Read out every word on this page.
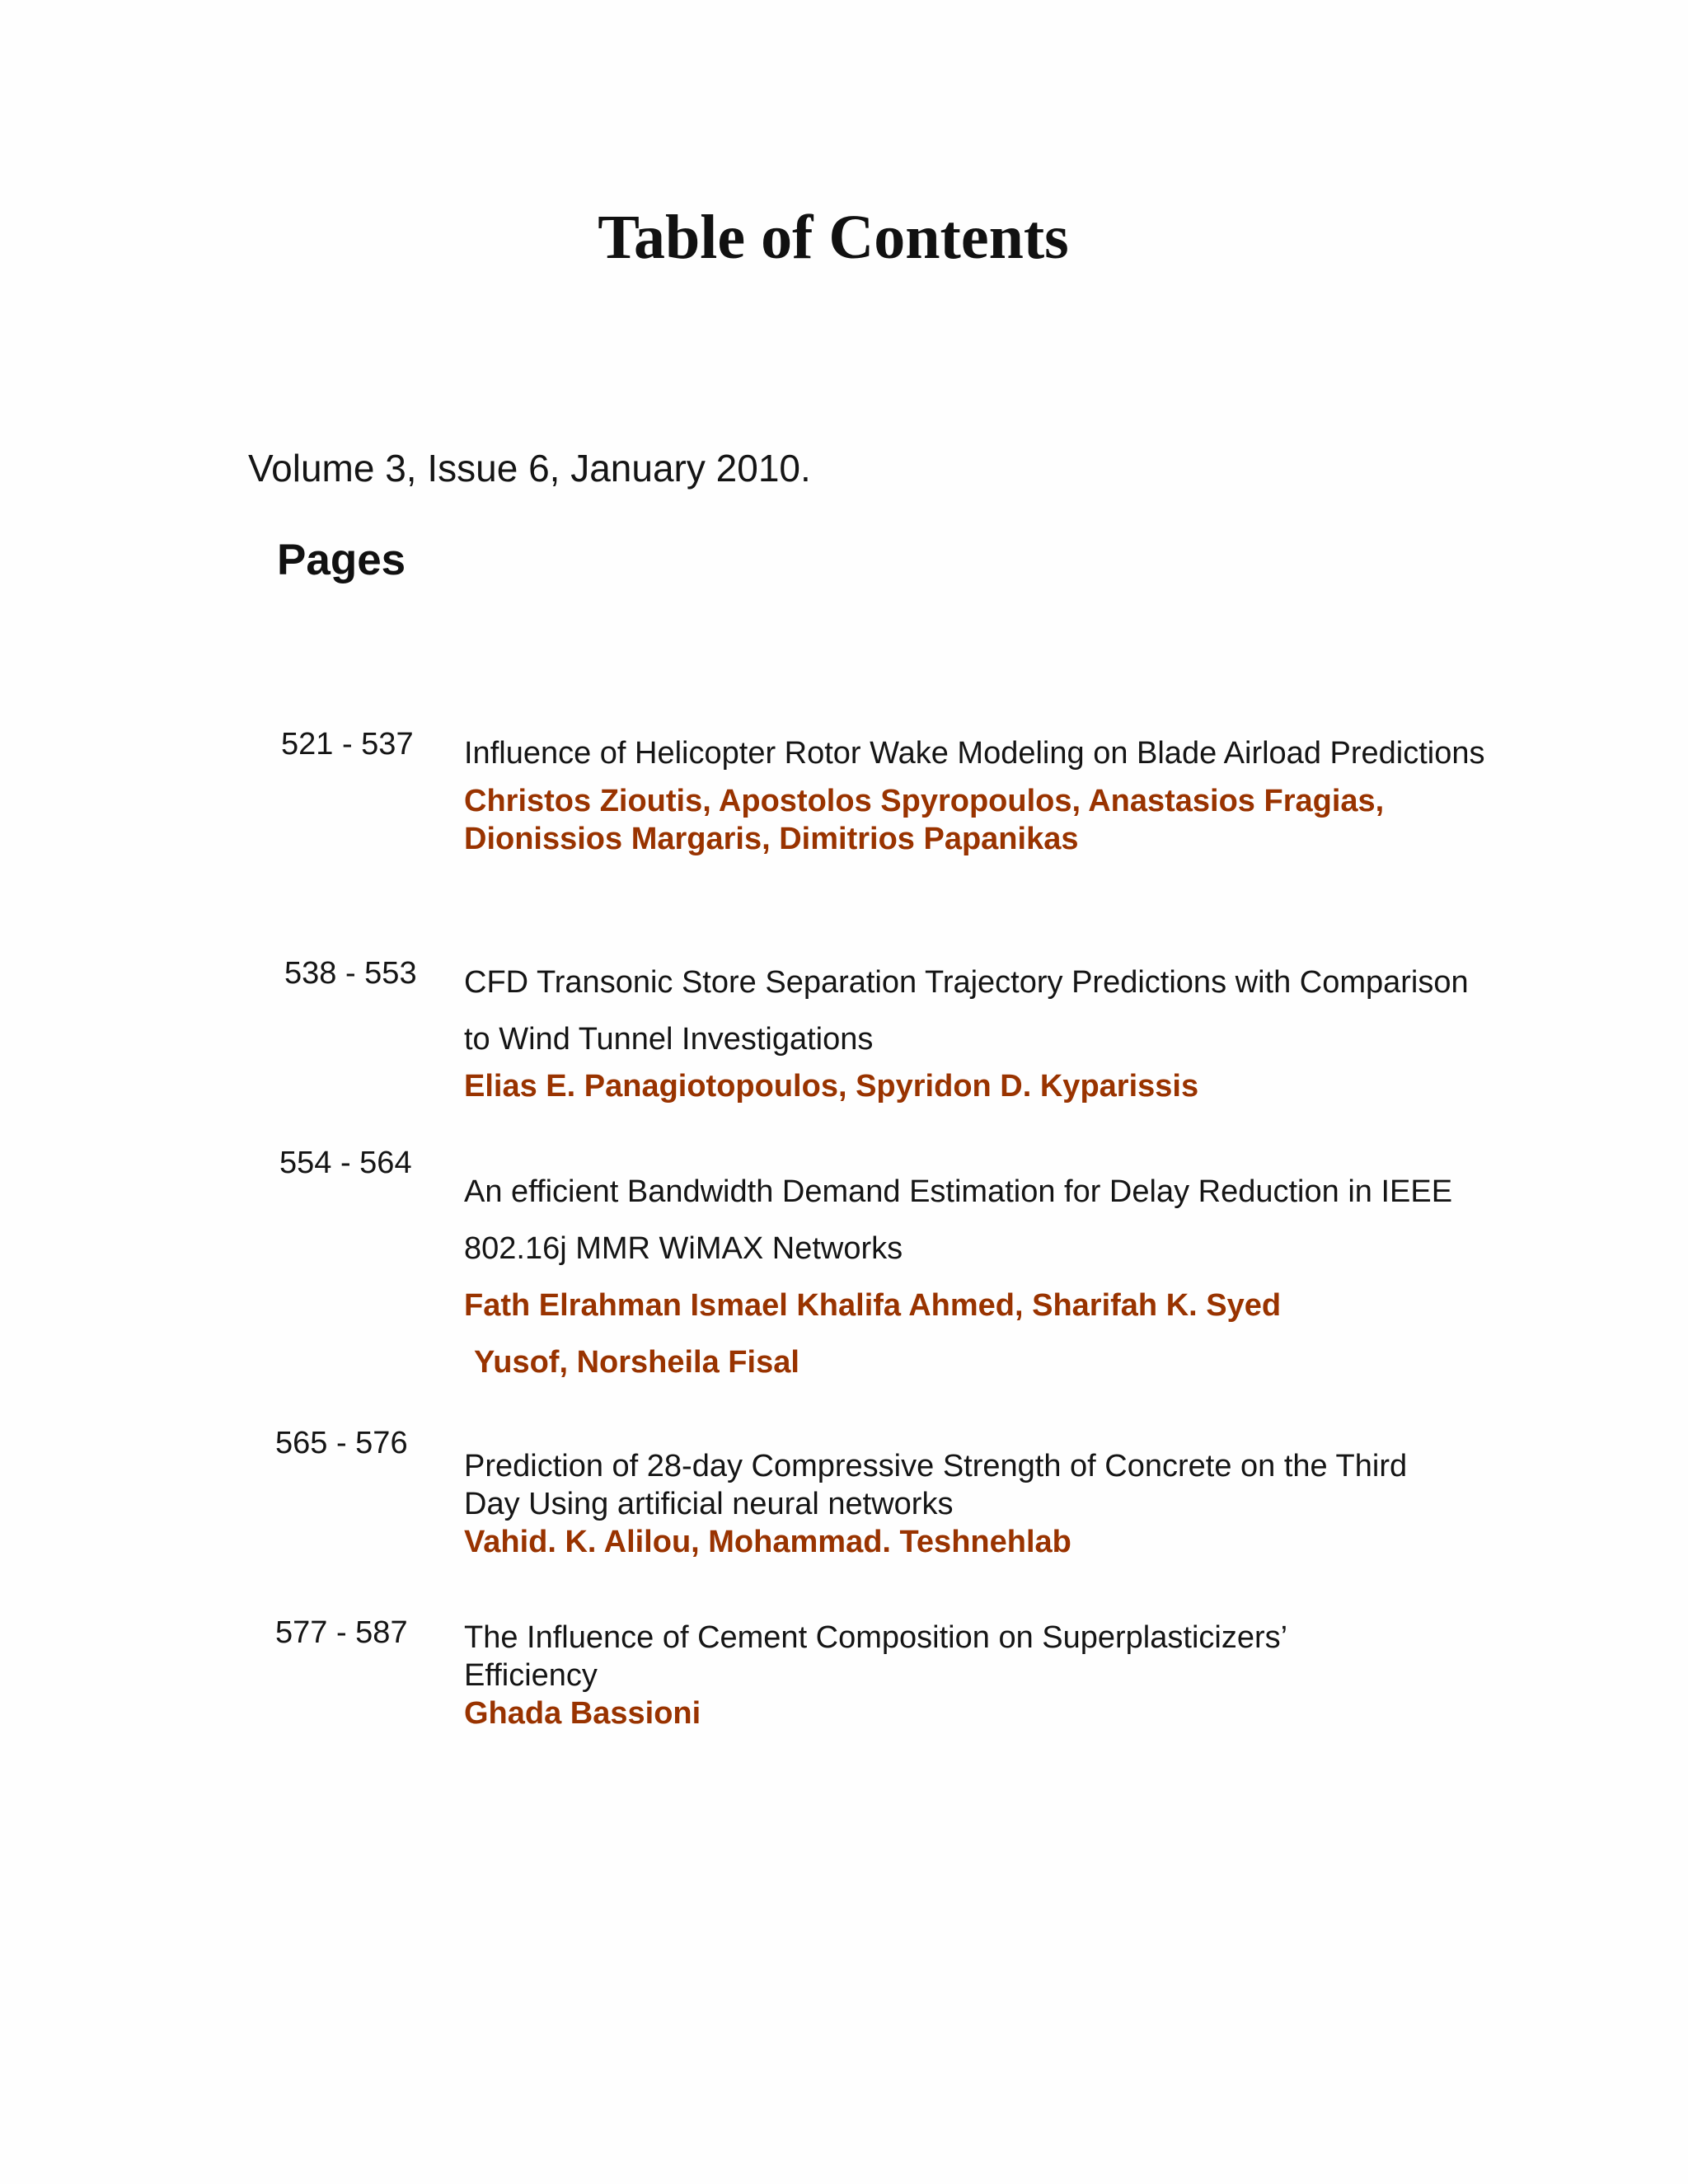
Table of Contents
Volume 3, Issue 6, January 2010.
Pages
521 - 537 Influence of Helicopter Rotor Wake Modeling on Blade Airload Predictions
Christos Zioutis, Apostolos Spyropoulos, Anastasios Fragias, Dionissios Margaris, Dimitrios Papanikas
538 - 553 CFD Transonic Store Separation Trajectory Predictions with Comparison to Wind Tunnel Investigations
Elias E. Panagiotopoulos, Spyridon D. Kyparissis
554 - 564
An efficient Bandwidth Demand Estimation for Delay Reduction in IEEE 802.16j MMR WiMAX Networks
Fath Elrahman Ismael Khalifa Ahmed, Sharifah K. Syed Yusof, Norsheila Fisal
565 - 576
Prediction of 28-day Compressive Strength of Concrete on the Third Day Using artificial neural networks
Vahid. K. Alilou, Mohammad. Teshnehlab
577 - 587 The Influence of Cement Composition on Superplasticizers’ Efficiency
Ghada Bassioni
